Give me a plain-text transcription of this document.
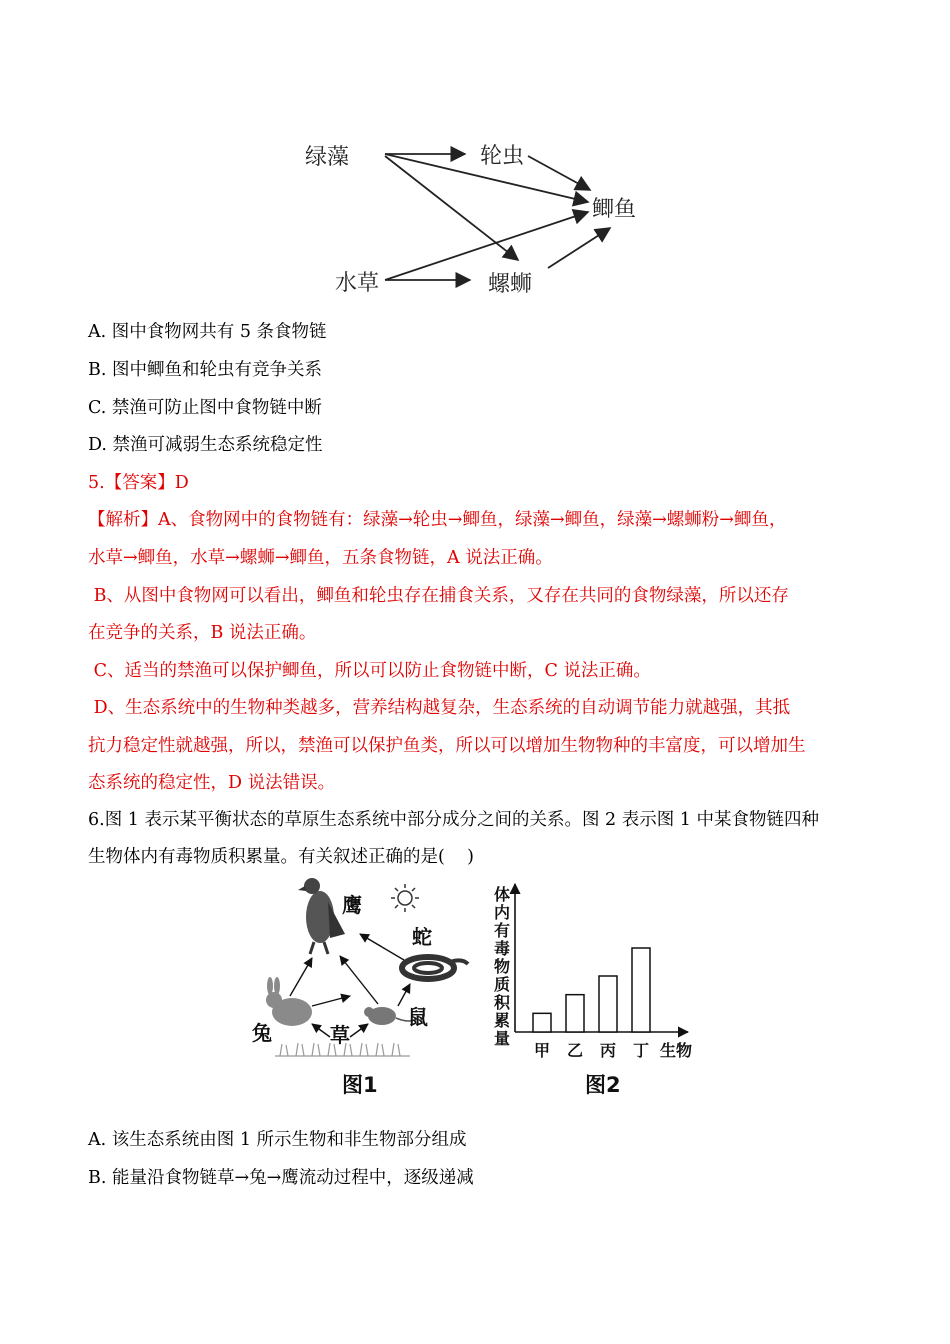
绿藻	轮虫
鲫鱼
水草	螺蛳
A. 图中食物网共有 5 条食物链
B. 图中鲫鱼和轮虫有竞争关系
C. 禁渔可防止图中食物链中断
D. 禁渔可减弱生态系统稳定性
5.【答案】D
【解析】A、食物网中的食物链有：绿藻→轮虫→鲫鱼，绿藻→鲫鱼，绿藻→螺蛳粉→鲫鱼，
水草→鲫鱼，水草→螺蛳→鲫鱼，五条食物链，A 说法正确。
B、从图中食物网可以看出，鲫鱼和轮虫存在捕食关系，又存在共同的食物绿藻，所以还存
在竞争的关系，B 说法正确。
C、适当的禁渔可以保护鲫鱼，所以可以防止食物链中断，C 说法正确。
D、生态系统中的生物种类越多，营养结构越复杂，生态系统的自动调节能力就越强，其抵
抗力稳定性就越强，所以，禁渔可以保护鱼类，所以可以增加生物物种的丰富度，可以增加生
态系统的稳定性，D 说法错误。
6.图 1 表示某平衡状态的草原生态系统中部分成分之间的关系。图 2 表示图 1 中某食物链四种
生物体内有毒物质积累量。有关叙述正确的是(    )
鹰
蛇
兔
鼠
草
图1
体
内
有
毒
物
质
积
累
量
甲 乙 丙 丁 生物
图2
A. 该生态系统由图 1 所示生物和非生物部分组成
B. 能量沿食物链草→兔→鹰流动过程中，逐级递减
